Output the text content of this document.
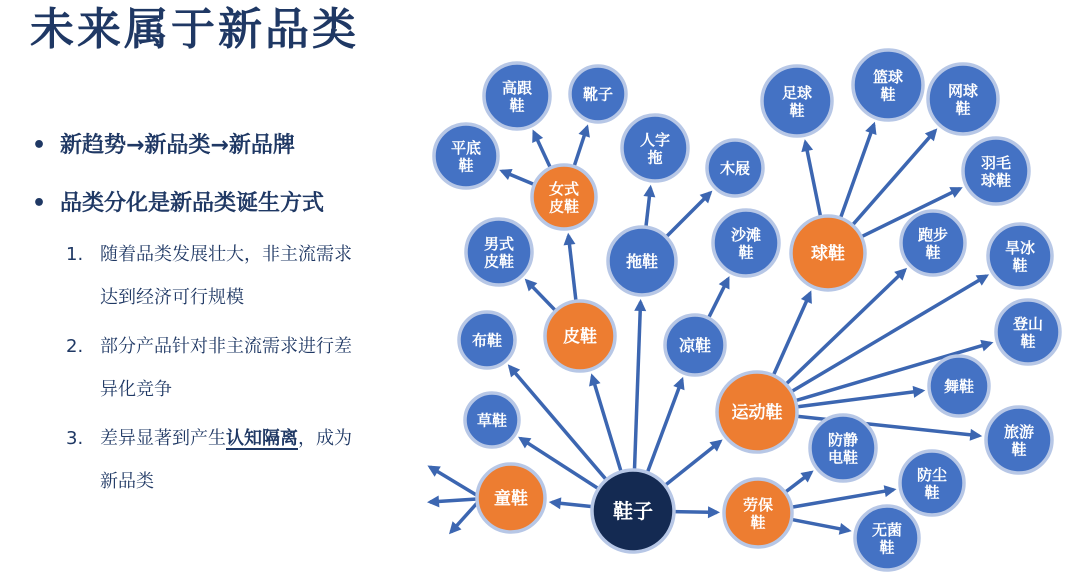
未来属于新品类
• 新趋势→新品类→新品牌
• 品类分化是新品类诞生方式
1. 随着品类发展壮大，非主流需求达到经济可行规模
2. 部分产品针对非主流需求进行差异化竞争
3. 差异显著到产生认知隔离，成为新品类
鞋子
童鞋
草鞋
布鞋
男式皮鞋
平底鞋
高跟鞋
靴子
女式皮鞋
皮鞋
人字拖
木屐
拖鞋
沙滩鞋
凉鞋
运动鞋
球鞋
足球鞋
篮球鞋	网球鞋
羽毛球鞋
跑步鞋	旱冰鞋
登山鞋
舞鞋
旅游鞋
防静电鞋
防尘鞋
无菌鞋
劳保鞋
